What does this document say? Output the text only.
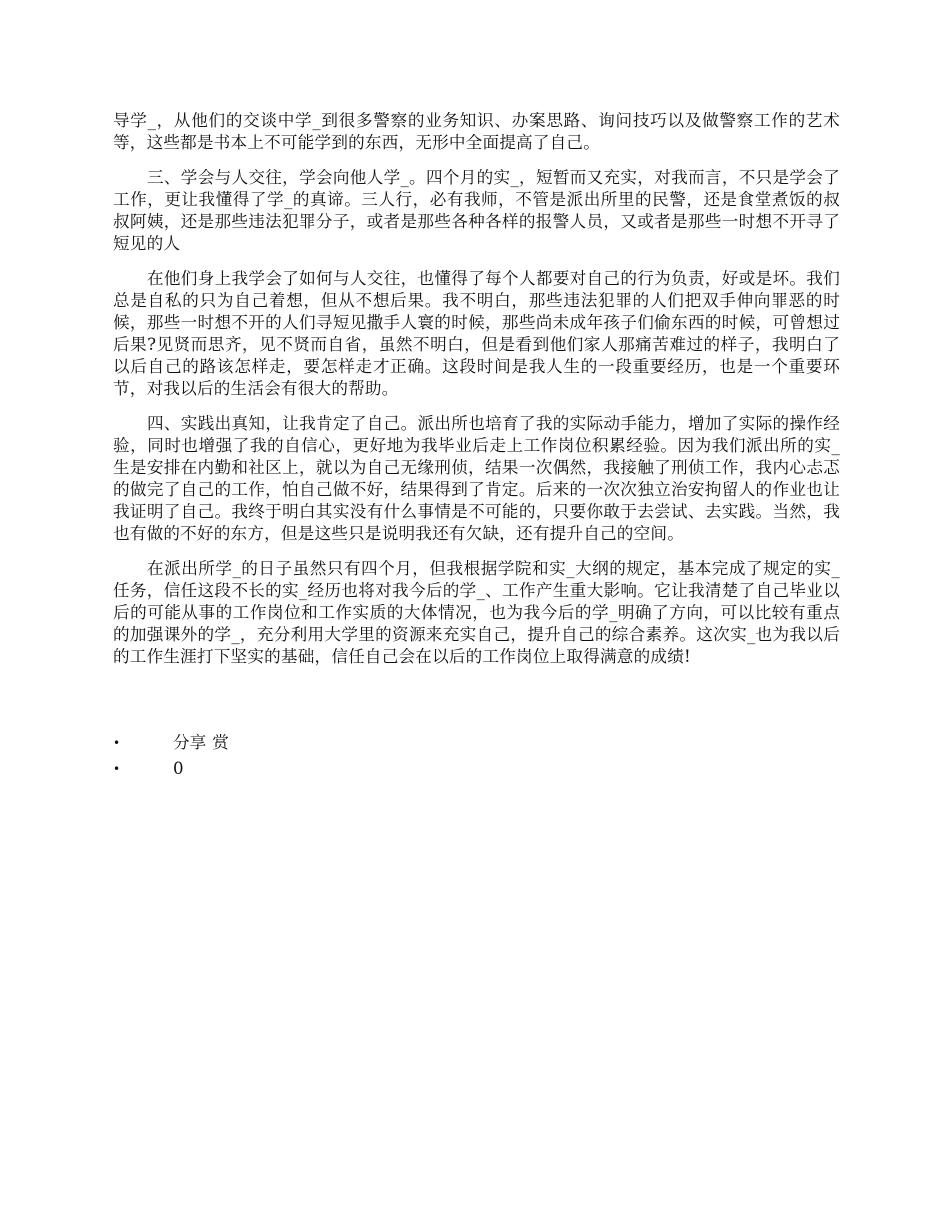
导学_，从他们的交谈中学_到很多警察的业务知识、办案思路、询问技巧以及做警察工作的艺术等，这些都是书本上不可能学到的东西，无形中全面提高了自己。

三、学会与人交往，学会向他人学_。四个月的实_，短暂而又充实，对我而言，不只是学会了工作，更让我懂得了学_的真谛。三人行，必有我师，不管是派出所里的民警，还是食堂煮饭的叔叔阿姨，还是那些违法犯罪分子，或者是那些各种各样的报警人员，又或者是那些一时想不开寻了短见的人

在他们身上我学会了如何与人交往，也懂得了每个人都要对自己的行为负责，好或是坏。我们总是自私的只为自己着想，但从不想后果。我不明白，那些违法犯罪的人们把双手伸向罪恶的时候，那些一时想不开的人们寻短见撒手人寰的时候，那些尚未成年孩子们偷东西的时候，可曾想过后果?见贤而思齐，见不贤而自省，虽然不明白，但是看到他们家人那痛苦难过的样子，我明白了以后自己的路该怎样走，要怎样走才正确。这段时间是我人生的一段重要经历，也是一个重要环节，对我以后的生活会有很大的帮助。

四、实践出真知，让我肯定了自己。派出所也培育了我的实际动手能力，增加了实际的操作经验，同时也增强了我的自信心，更好地为我毕业后走上工作岗位积累经验。因为我们派出所的实_生是安排在内勤和社区上，就以为自己无缘刑侦，结果一次偶然，我接触了刑侦工作，我内心忐忑的做完了自己的工作，怕自己做不好，结果得到了肯定。后来的一次次独立治安拘留人的作业也让我证明了自己。我终于明白其实没有什么事情是不可能的，只要你敢于去尝试、去实践。当然，我也有做的不好的东方，但是这些只是说明我还有欠缺，还有提升自己的空间。

在派出所学_的日子虽然只有四个月，但我根据学院和实_大纲的规定，基本完成了规定的实_任务，信任这段不长的实_经历也将对我今后的学_、工作产生重大影响。它让我清楚了自己毕业以后的可能从事的工作岗位和工作实质的大体情况，也为我今后的学_明确了方向，可以比较有重点的加强课外的学_，充分利用大学里的资源来充实自己，提升自己的综合素养。这次实_也为我以后的工作生涯打下坚实的基础，信任自己会在以后的工作岗位上取得满意的成绩!

•	分享 赏
•	0
